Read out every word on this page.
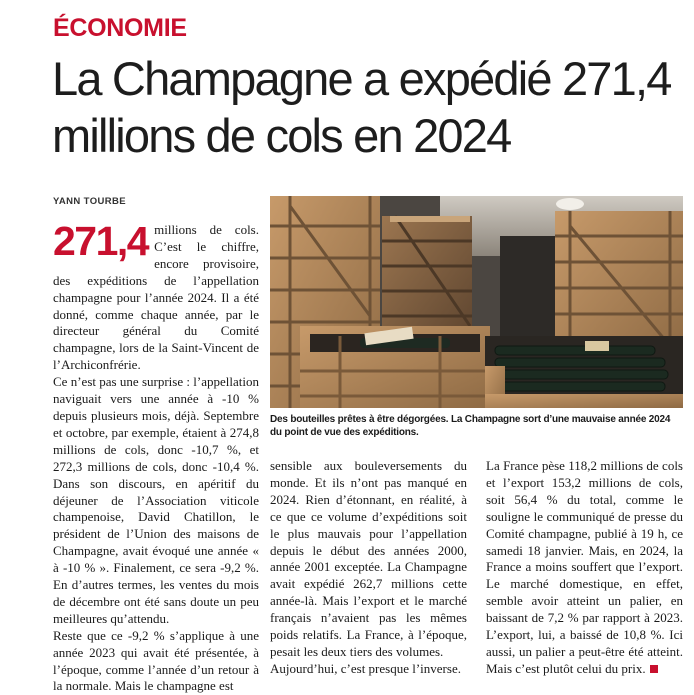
ÉCONOMIE
La Champagne a expédié 271,4 millions de cols en 2024
YANN TOURBE

271,4 millions de cols. C’est le chiffre, encore provisoire, des expéditions de l’appellation champagne pour l’année 2024. Il a été donné, comme chaque année, par le directeur général du Comité champagne, lors de la Saint-Vincent de l’Archiconfrérie.

Ce n’est pas une surprise : l’appellation naviguait vers une année à -10 % depuis plusieurs mois, déjà. Septembre et octobre, par exemple, étaient à 274,8 millions de cols, donc -10,7 %, et 272,3 millions de cols, donc -10,4 %. Dans son discours, en apéritif du déjeuner de l’Association viticole champenoise, David Chatillon, le président de l’Union des maisons de Champagne, avait évoqué une année « à -10 % ». Finalement, ce sera -9,2 %. En d’autres termes, les ventes du mois de décembre ont été sans doute un peu meilleures qu’attendu.

Reste que ce -9,2 % s’applique à une année 2023 qui avait été présentée, à l’époque, comme l’année d’un retour à la normale. Mais le champagne est

Des bouteilles prêtes à être dégorgées. La Champagne sort d’une mauvaise année 2024 du point de vue des expéditions.

sensible aux bouleversements du monde. Et ils n’ont pas manqué en 2024. Rien d’étonnant, en réalité, à ce que ce volume d’expéditions soit le plus mauvais pour l’appellation depuis le début des années 2000, année 2001 exceptée. La Champagne avait expédié 262,7 millions cette année-là. Mais l’export et le marché français n’avaient pas les mêmes poids relatifs. La France, à l’époque, pesait les deux tiers des volumes.

Aujourd’hui, c’est presque l’inverse.

La France pèse 118,2 millions de cols et l’export 153,2 millions de cols, soit 56,4 % du total, comme le souligne le communiqué de presse du Comité champagne, publié à 19 h, ce samedi 18 janvier. Mais, en 2024, la France a moins souffert que l’export. Le marché domestique, en effet, semble avoir atteint un palier, en baissant de 7,2 % par rapport à 2023. L’export, lui, a baissé de 10,8 %. Ici aussi, un palier a peut-être été atteint. Mais c’est plutôt celui du prix.
